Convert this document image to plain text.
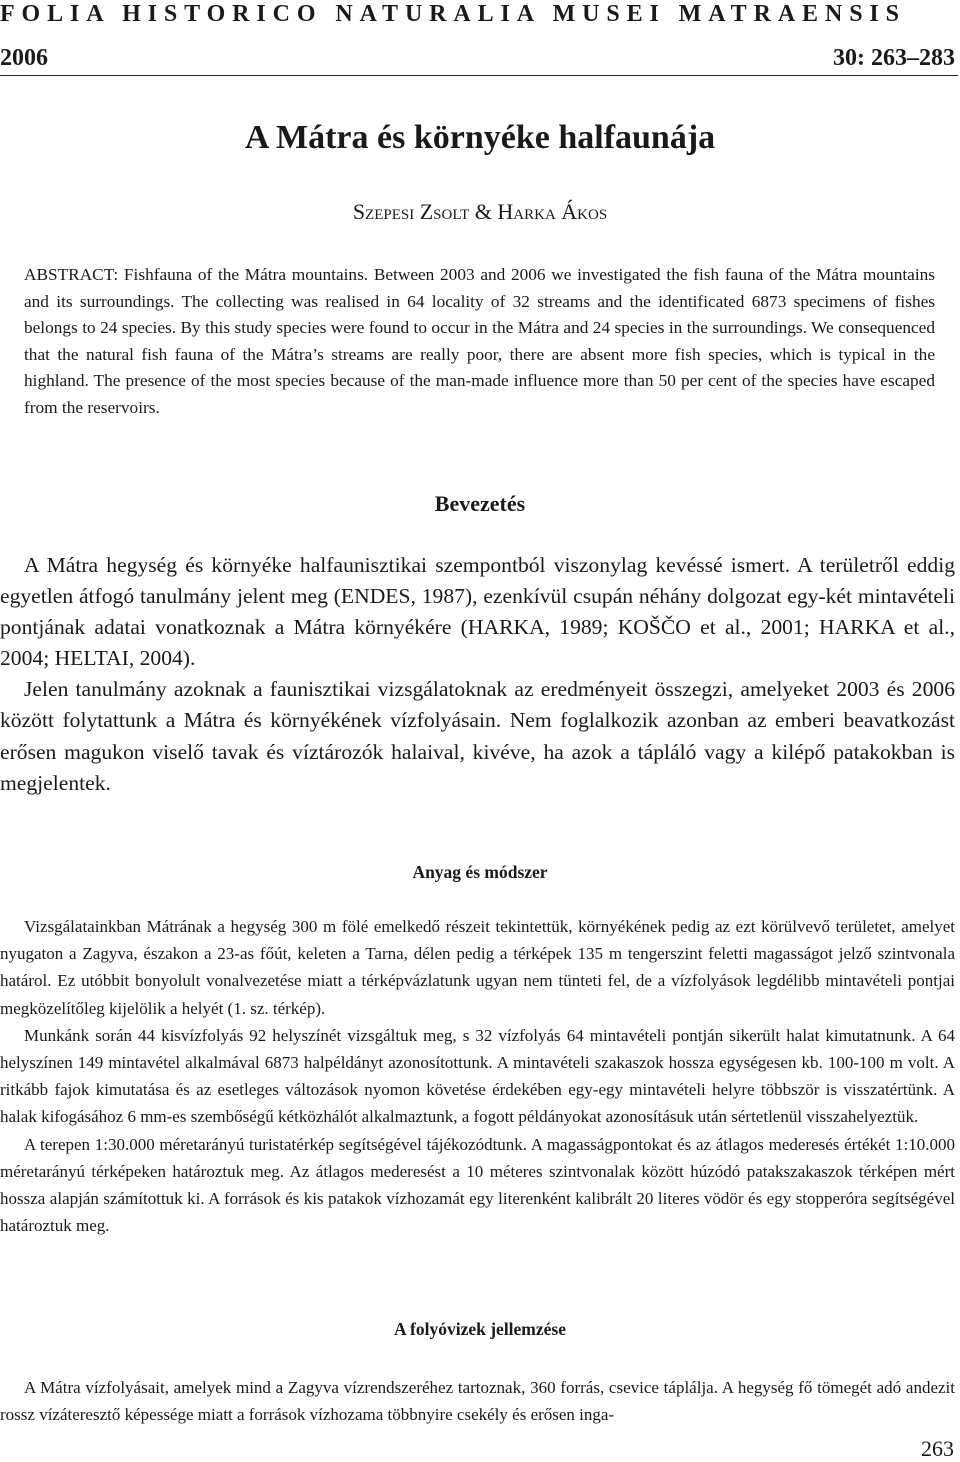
FOLIA HISTORICO NATURALIA MUSEI MATRAENSIS
2006	30: 263–283
A Mátra és környéke halfaunája
Szepesi Zsolt & Harka Ákos
ABSTRACT: Fishfauna of the Mátra mountains. Between 2003 and 2006 we investigated the fish fauna of the Mátra mountains and its surroundings. The collecting was realised in 64 locality of 32 streams and the identificated 6873 specimens of fishes belongs to 24 species. By this study species were found to occur in the Mátra and 24 species in the surroundings. We consequenced that the natural fish fauna of the Mátra’s streams are really poor, there are absent more fish species, which is typical in the highland. The presence of the most species because of the man-made influence more than 50 per cent of the species have escaped from the reservoirs.
Bevezetés

A Mátra hegység és környéke halfaunisztikai szempontból viszonylag kevéssé ismert. A területről eddig egyetlen átfogó tanulmány jelent meg (ENDES, 1987), ezenkívül csupán néhány dolgozat egy-két mintavételi pontjának adatai vonatkoznak a Mátra környékére (HARKA, 1989; KOŠČO et al., 2001; HARKA et al., 2004; HELTAI, 2004).

Jelen tanulmány azoknak a faunisztikai vizsgálatoknak az eredményeit összegzi, amelyeket 2003 és 2006 között folytattunk a Mátra és környékének vízfolyásain. Nem foglalkozik azonban az emberi beavatkozást erősen magukon viselő tavak és víztározók halaival, kivéve, ha azok a tápláló vagy a kilépő patakokban is megjelentek.

Anyag és módszer

Vizsgálatainkban Mátrának a hegység 300 m fölé emelkedő részeit tekintettük, környékének pedig az ezt körülvevő területet, amelyet nyugaton a Zagyva, északon a 23-as főút, keleten a Tarna, délen pedig a térképek 135 m tengerszint feletti magasságot jelző szintvonala határol. Ez utóbbit bonyolult vonalvezetése miatt a térképvázlatunk ugyan nem tünteti fel, de a vízfolyások legdélibb mintavételi pontjai megközelítőleg kijelölik a helyét (1. sz. térkép).

Munkánk során 44 kisvízfolyás 92 helyszínét vizsgáltuk meg, s 32 vízfolyás 64 mintavételi pontján sikerült halat kimutatnunk. A 64 helyszínen 149 mintavétel alkalmával 6873 halpéldányt azonosítottunk. A mintavételi szakaszok hossza egységesen kb. 100-100 m volt. A ritkább fajok kimutatása és az esetleges változások nyomon követése érdekében egy-egy mintavételi helyre többször is visszatértünk. A halak kifogásához 6 mm-es szembőségű kétközhálót alkalmaztunk, a fogott példányokat azonosításuk után sértetlenül visszahelyeztük.

A terepen 1:30.000 méretarányú turistatérkép segítségével tájékozódtunk. A magasságpontokat és az átlagos mederesés értékét 1:10.000 méretarányú térképeken határoztuk meg. Az átlagos mederesést a 10 méteres szintvonalak között húzódó patakszakaszok térképen mért hossza alapján számítottuk ki. A források és kis patakok vízhozamát egy literenként kalibrált 20 literes vödör és egy stopperóra segítségével határoztuk meg.

A folyóvizek jellemzése

A Mátra vízfolyásait, amelyek mind a Zagyva vízrendszeréhez tartoznak, 360 forrás, csevice táplálja. A hegység fő tömegét adó andezit rossz vízáteresztő képessége miatt a források vízhozama többnyire csekély és erősen inga-

263
